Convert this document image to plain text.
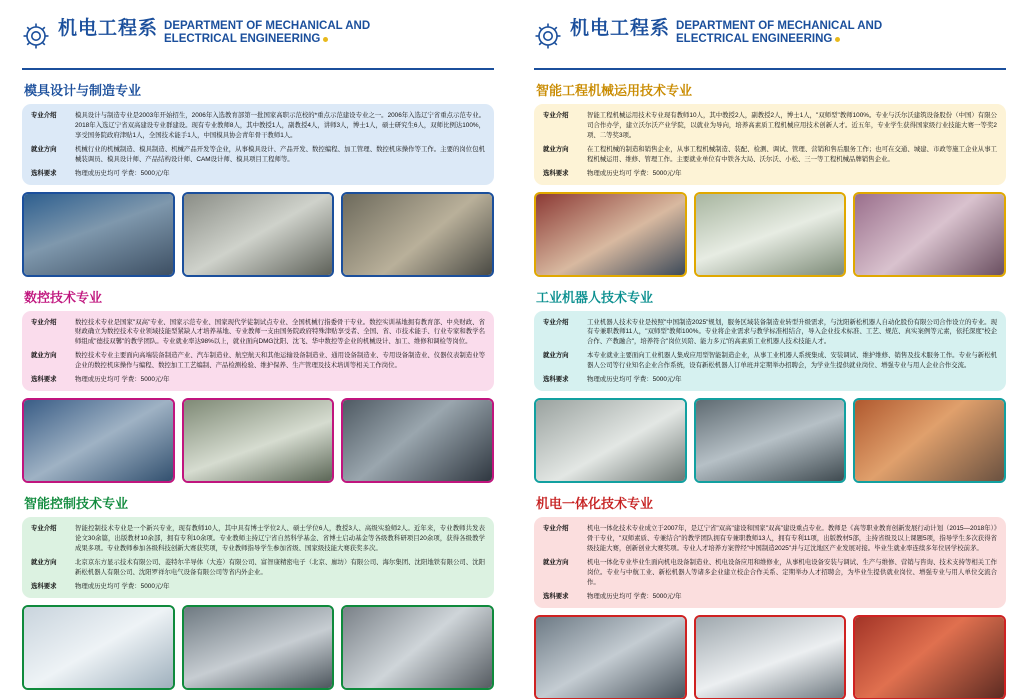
机电工程系 DEPARTMENT OF MECHANICAL AND
ELECTRICAL ENGINEERING
模具设计与制造专业
专业介绍	模具设计与制造专业是2003年开始招生，2006年入选教育部第一批国家高职示范校的*重点示范建设专业之一。2006年入选辽宁省重点示范专业。2018年入选辽宁省双高建设专业群建设。现有专业教师8人，其中教授1人，副教授4人，讲师3人，博士1人，硕士研究生6人，双师比例达100%，享受国务院政府津贴1人，全国技术能手1人，中国模具协会青年骨干教师1人。
就业方向	机械行业的机械制造、模具制造、机械产品开发等企业，从事模具设计、产品开发、数控编程、加工管理、数控机床操作等工作。主要的岗位包机械装调员、模具设计师、产品结构设计师、CAM设计师、模具项目工程师等。
选科要求	物理或历史均可 学费：5000元/年
数控技术专业
专业介绍	数控技术专业是国家"双高"专业、国家示范专业、国家现代学徒制试点专业、全国机械行指委骨干专业。数控实训基地拥有教育部、中央财政、省财政确立为数控技术专业领域技能型紧缺人才培养基地、专业教师一支由国务院政府特殊津贴享受者、全国、省、市技术能手、行业专家和教学名师组成"德技双馨"的教学团队。专业就业率达98%以上，就业面向DMG沈阳、沈飞、华中数控等企业的机械设计、加工、维修和调检等岗位。
就业方向	数控技术专业主要面向高端装备制造产业、汽车制造业、航空航天和其他运输设备制造业、通用设备制造业、专用设备制造业、仪器仪表制造业等企业的数控机床操作与编程、数控加工工艺编制、产品检测检验、维护保养、生产管理及技术培训等相关工作岗位。
选科要求	物理或历史均可 学费：5000元/年
智能控制技术专业
专业介绍	智能控制技术专业是一个新兴专业，现有教师10人，其中具有博士学位2人、硕士学位6人，教授3人、高级实验师2人。近年来，专业教师共发表论文30余篇，出版教材10余部，拥有专利10余项。专业教师主持辽宁省自然科学基金、省博士启动基金等各级教科研项目20余项，获得各级教学成果多项。专业教师参加各级科技创新大赛获奖项，专业教师指导学生参加省级、国家级技能大赛获奖多次。
就业方向	北京京东方显示技术有限公司、菱特尔半导体（大连）有限公司、富智康精密电子（北京、廊坊）有限公司、海尔集团、沈阳地铁有限公司、沈阳新松机器人有限公司、沈阳罗祥尔电气设备有限公司等省内外企业。
选科要求	物理或历史均可 学费：5000元/年
机电工程系 DEPARTMENT OF MECHANICAL AND
ELECTRICAL ENGINEERING
智能工程机械运用技术专业
专业介绍	智能工程机械运用技术专业现有教师10人，其中教授2人，副教授2人，博士1人，"双师型"教师100%。专业与沃尔沃建筑设备股份（中国）有限公司合作办学，建立沃尔沃产业学院，以就业为导向，培养高素质工程机械应用技术创新人才。近五年，专业学生获得国家级行业技能大赛一等奖2项、二等奖3项。
就业方向	在工程机械的制造和销售企业，从事工程机械制造、装配、检测、调试、管理、营销和售后服务工作；也可在交通、城建、市政等施工企业从事工程机械运用、维修、管理工作。主要就业单位有中铁各大局、沃尔沃、小松、三一等工程机械品牌销售企业。
选科要求	物理或历史均可 学费：5000元/年
工业机器人技术专业
专业介绍	工业机器人技术专业是按照"中国制造2025"规划，服务区域装备制造业转型升级需求，与沈阳新松机器人自动化股份有限公司合作设立的专业。现有专兼职教师11人，"双师型"教师100%。专业将企业需求与教学标准相结合，导入企业技术标准、工艺、规范、真实案例等元素，依托深度"校企合作、产教融合"，培养符合"岗位贝陪、能力多元"的高素质工业机器人技术技能人才。
就业方向	本专业就业主要面向工业机器人集成应用型智能制造企业，从事工业机器人系统集成、安装调试、维护维修、销售及技术服务工作。专业与新松机器人公司等行业知名企业合作系统，设有新松机器人订单班并定期举办招聘会，为学业生提供就业岗位、增强专业与用人企业合作交流。
选科要求	物理或历史均可 学费：5000元/年
机电一体化技术专业
专业介绍	机电一体化技术专业成立于2007年，是辽宁省"双高"建设和国家"双高"建设重点专业。教师是《高等职业教育创新发展行动计划（2015—2018年）》骨干专业，"双师素质、专兼结合"的教学团队拥有专兼职教师13人，拥有专利11项，出版教材5部，主持省级及以上课题5项，指导学生多次获得省级技能大赛，创新创业大赛奖项。专业人才培养方案曾经"中国制造2025"并与辽沈地区产业发展对接。毕业生就业率连续多年位居学校前茅。
就业方向	机电一体化专业毕业生面向机电设备制造业、机电设备应用和维修业，从事机电设备安装与调试、生产与维修、营销与咨询、技术支持等相关工作岗位。专业与中航工业、新松机器人等诸多企业建立校企合作关系、定期举办人才招聘会，为毕业生提供就业岗位、增强专业与用人单位交流合作。
选科要求	物理或历史均可 学费：5000元/年
